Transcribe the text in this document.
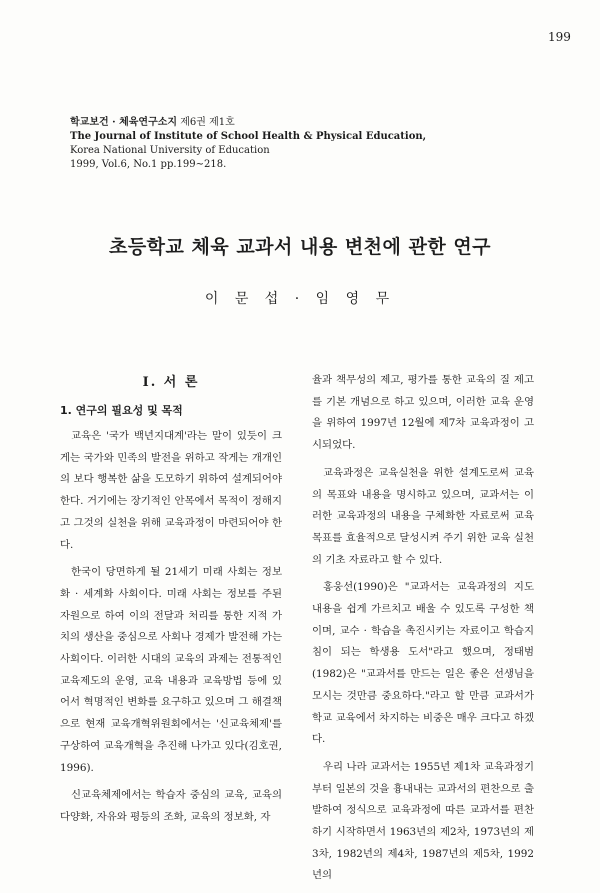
199
학교보건 · 체육연구소지 제6권 제1호
The Journal of Institute of School Health & Physical Education,
Korea National University of Education
1999, Vol.6, No.1 pp.199∼218.
초등학교 체육 교과서 내용 변천에 관한 연구
이 문 섭 · 임 영 무
Ⅰ. 서 론
1. 연구의 필요성 및 목적

교육은 '국가 백년지대계'라는 말이 있듯이 크게는 국가와 민족의 발전을 위하고 작게는 개개인의 보다 행복한 삶을 도모하기 위하여 설계되어야 한다. 거기에는 장기적인 안목에서 목적이 정해지고 그것의 실천을 위해 교육과정이 마련되어야 한다.

한국이 당면하게 될 21세기 미래 사회는 정보화 · 세계화 사회이다. 미래 사회는 정보를 주된 자원으로 하여 이의 전달과 처리를 통한 지적 가치의 생산을 중심으로 사회나 경제가 발전해 가는 사회이다. 이러한 시대의 교육의 과제는 전통적인 교육제도의 운영, 교육 내용과 교육방법 등에 있어서 혁명적인 변화를 요구하고 있으며 그 해결책으로 현재 교육개혁위원회에서는 '신교육체제'를 구상하여 교육개혁을 추진해 나가고 있다(김호권, 1996).

신교육체제에서는 학습자 중심의 교육, 교육의 다양화, 자유와 평등의 조화, 교육의 정보화, 자

율과 책무성의 제고, 평가를 통한 교육의 질 제고를 기본 개념으로 하고 있으며, 이러한 교육 운영을 위하여 1997년 12월에 제7차 교육과정이 고시되었다.

교육과정은 교육실천을 위한 설계도로써 교육의 목표와 내용을 명시하고 있으며, 교과서는 이러한 교육과정의 내용을 구체화한 자료로써 교육 목표를 효율적으로 달성시켜 주기 위한 교육 실천의 기초 자료라고 할 수 있다.

홍웅선(1990)은 "교과서는 교육과정의 지도 내용을 쉽게 가르치고 배울 수 있도록 구성한 책이며, 교수 · 학습을 촉진시키는 자료이고 학습지침이 되는 학생용 도서"라고 했으며, 정태범(1982)은 "교과서를 만드는 일은 좋은 선생님을 모시는 것만큼 중요하다."라고 할 만큼 교과서가 학교 교육에서 차지하는 비중은 매우 크다고 하겠다.

우리 나라 교과서는 1955년 제1차 교육과정기부터 일본의 것을 흉내내는 교과서의 편찬으로 출발하여 정식으로 교육과정에 따른 교과서를 편찬하기 시작하면서 1963년의 제2차, 1973년의 제3차, 1982년의 제4차, 1987년의 제5차, 1992년의
